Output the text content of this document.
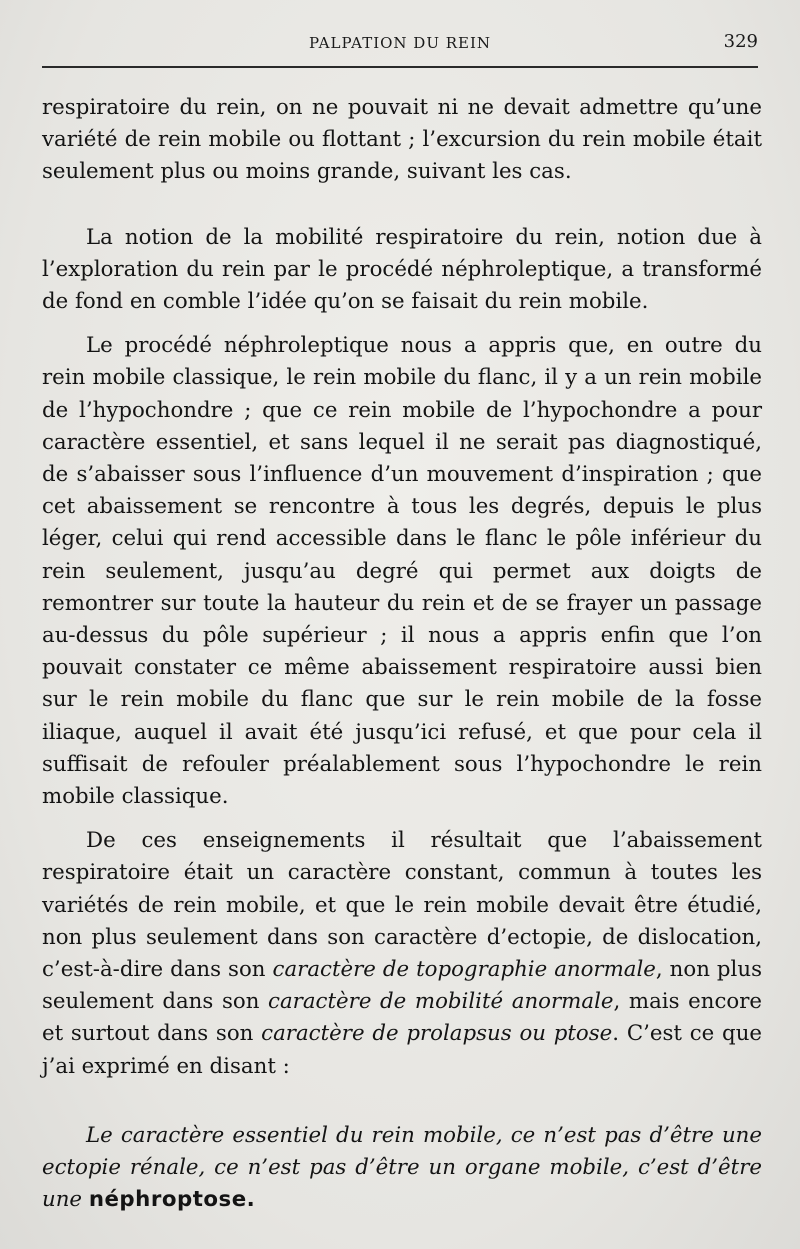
PALPATION DU REIN	329

respiratoire du rein, on ne pouvait ni ne devait admettre qu’une variété de rein mobile ou flottant ; l’excursion du rein mobile était seulement plus ou moins grande, suivant les cas.

La notion de la mobilité respiratoire du rein, notion due à l’exploration du rein par le procédé néphroleptique, a transformé de fond en comble l’idée qu’on se faisait du rein mobile.

Le procédé néphroleptique nous a appris que, en outre du rein mobile classique, le rein mobile du flanc, il y a un rein mobile de l’hypochondre ; que ce rein mobile de l’hypochondre a pour caractère essentiel, et sans lequel il ne serait pas diagnostiqué, de s’abaisser sous l’influence d’un mouvement d’inspiration ; que cet abaissement se rencontre à tous les degrés, depuis le plus léger, celui qui rend accessible dans le flanc le pôle inférieur du rein seulement, jusqu’au degré qui permet aux doigts de remontrer sur toute la hauteur du rein et de se frayer un passage au-dessus du pôle supérieur ; il nous a appris enfin que l’on pouvait constater ce même abaissement respiratoire aussi bien sur le rein mobile du flanc que sur le rein mobile de la fosse iliaque, auquel il avait été jusqu’ici refusé, et que pour cela il suffisait de refouler préalablement sous l’hypochondre le rein mobile classique.

De ces enseignements il résultait que l’abaissement respiratoire était un caractère constant, commun à toutes les variétés de rein mobile, et que le rein mobile devait être étudié, non plus seulement dans son caractère d’ectopie, de dislocation, c’est-à-dire dans son caractère de topographie anormale, non plus seulement dans son caractère de mobilité anormale, mais encore et surtout dans son caractère de prolapsus ou ptose. C’est ce que j’ai exprimé en disant :

Le caractère essentiel du rein mobile, ce n’est pas d’être une ectopie rénale, ce n’est pas d’être un organe mobile, c’est d’être une néphroptose.
